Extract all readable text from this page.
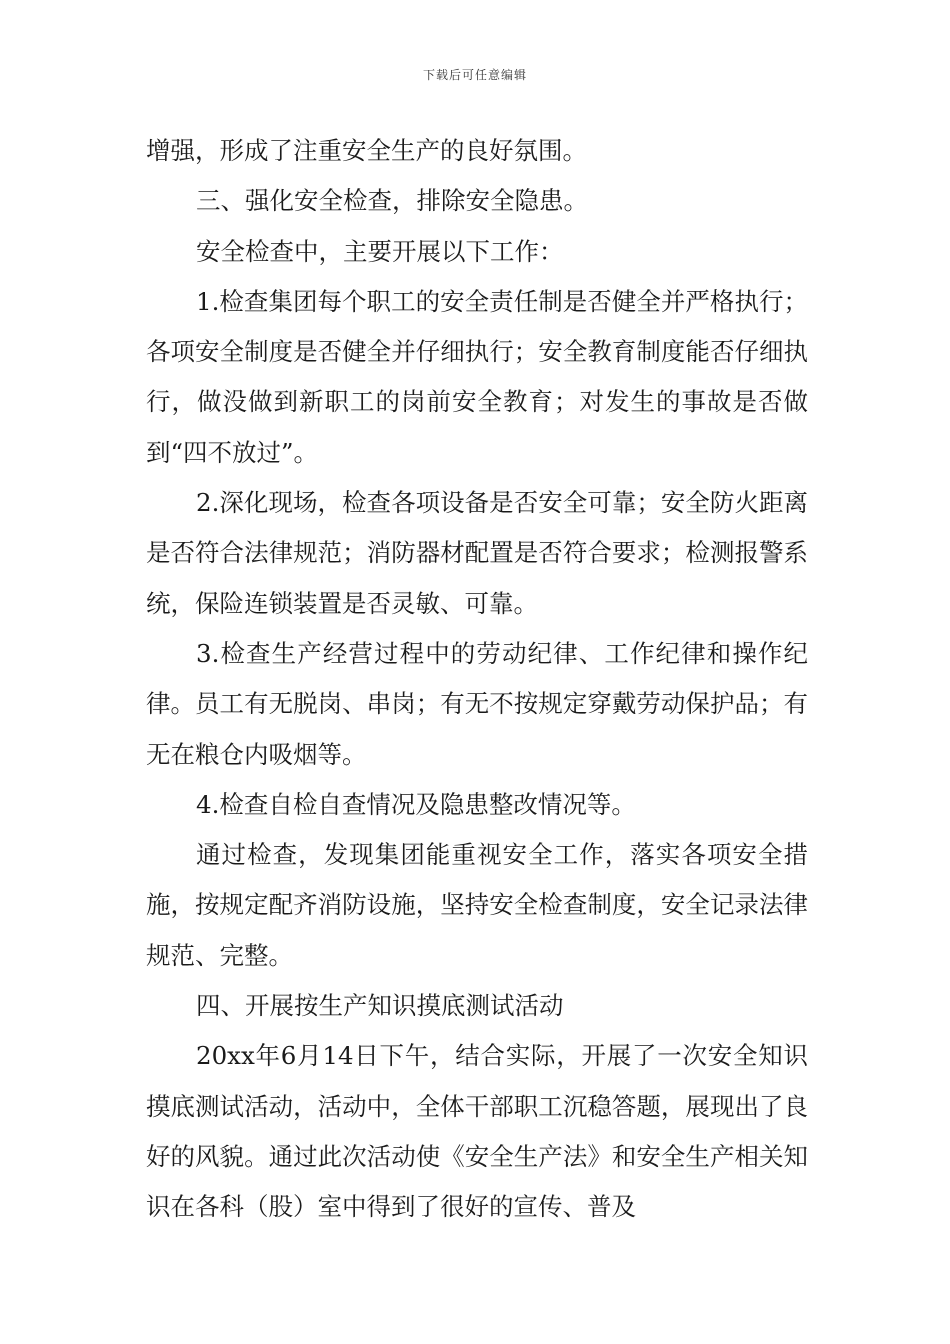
下载后可任意编辑

增强，形成了注重安全生产的良好氛围。

三、强化安全检查，排除安全隐患。

安全检查中，主要开展以下工作：

1.检查集团每个职工的安全责任制是否健全并严格执行；各项安全制度是否健全并仔细执行；安全教育制度能否仔细执行，做没做到新职工的岗前安全教育；对发生的事故是否做到“四不放过”。

2.深化现场，检查各项设备是否安全可靠；安全防火距离是否符合法律规范；消防器材配置是否符合要求；检测报警系统，保险连锁装置是否灵敏、可靠。

3.检查生产经营过程中的劳动纪律、工作纪律和操作纪律。员工有无脱岗、串岗；有无不按规定穿戴劳动保护品；有无在粮仓内吸烟等。

4.检查自检自查情况及隐患整改情况等。

通过检查，发现集团能重视安全工作，落实各项安全措施，按规定配齐消防设施，坚持安全检查制度，安全记录法律规范、完整。

四、开展按生产知识摸底测试活动

20xx年6月14日下午，结合实际，开展了一次安全知识摸底测试活动，活动中，全体干部职工沉稳答题，展现出了良好的风貌。通过此次活动使《安全生产法》和安全生产相关知识在各科（股）室中得到了很好的宣传、普及
